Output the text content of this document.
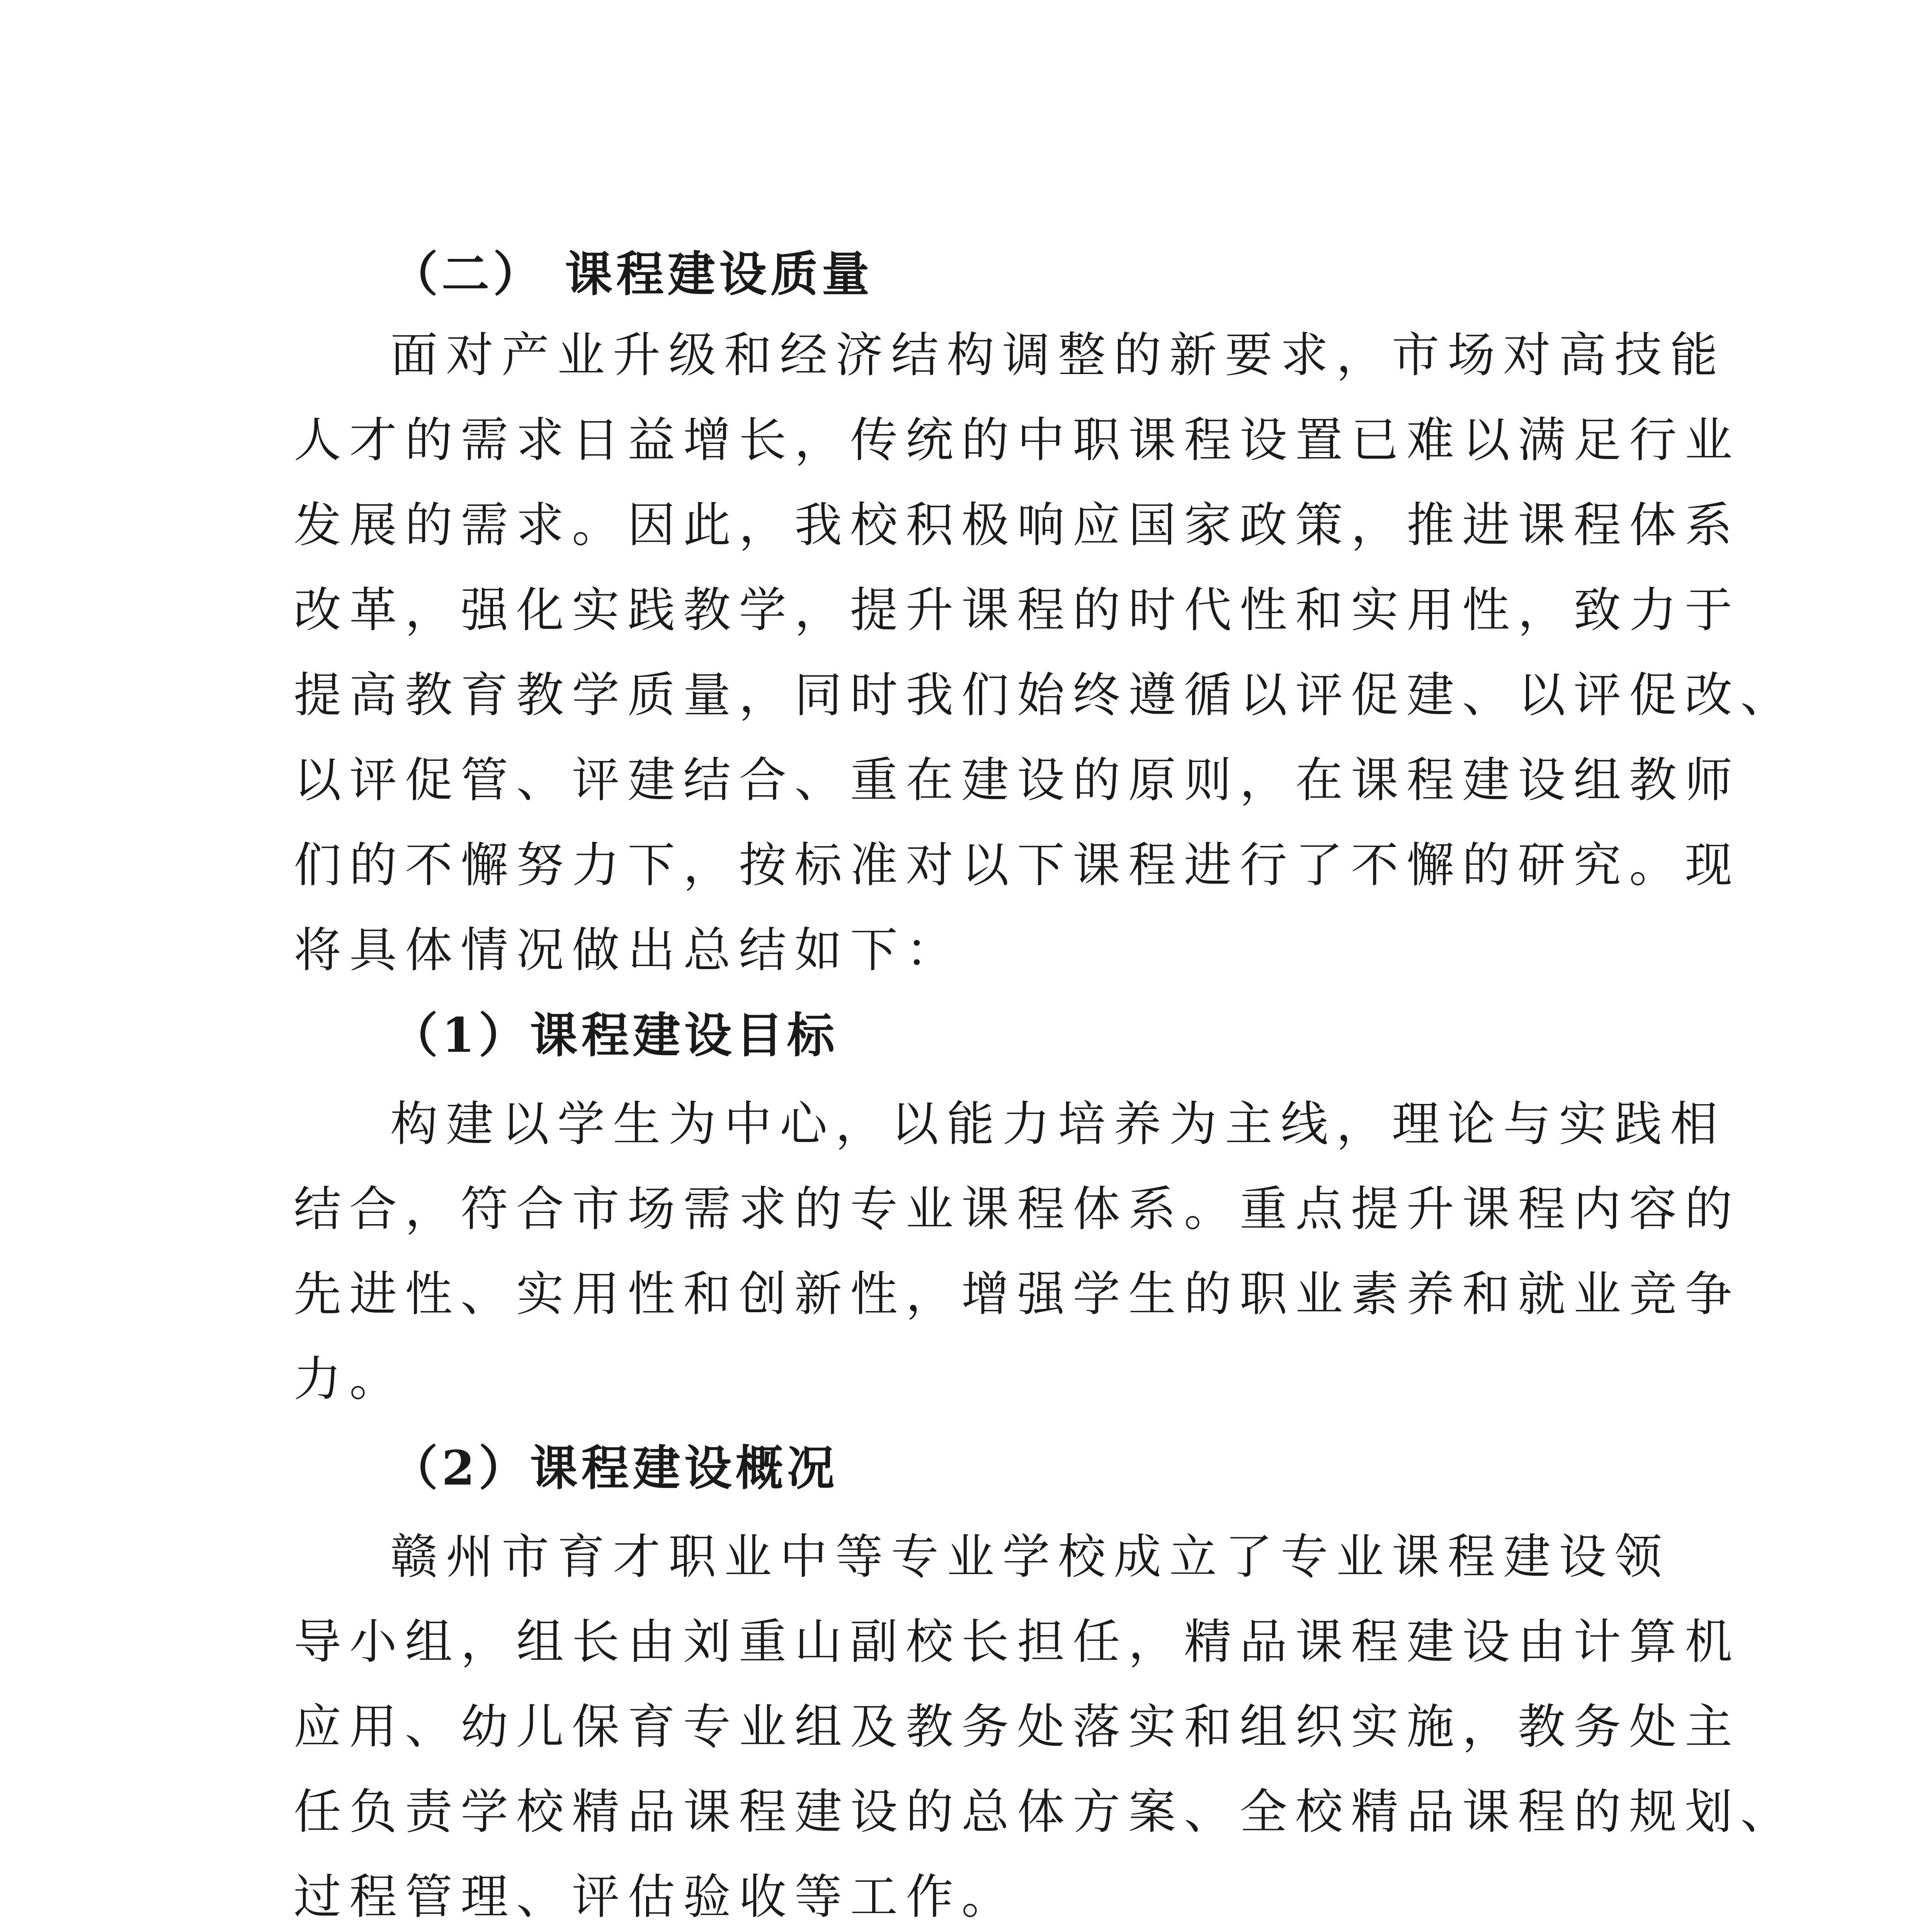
（二） 课程建设质量
面对产业升级和经济结构调整的新要求，市场对高技能
人才的需求日益增长，传统的中职课程设置已难以满足行业
发展的需求。因此，我校积极响应国家政策，推进课程体系
改革，强化实践教学，提升课程的时代性和实用性，致力于
提高教育教学质量，同时我们始终遵循以评促建、以评促改、
以评促管、评建结合、重在建设的原则，在课程建设组教师
们的不懈努力下，按标准对以下课程进行了不懈的研究。现
将具体情况做出总结如下：
（1）课程建设目标
构建以学生为中心，以能力培养为主线，理论与实践相
结合，符合市场需求的专业课程体系。重点提升课程内容的
先进性、实用性和创新性，增强学生的职业素养和就业竞争
力。
（2）课程建设概况
赣州市育才职业中等专业学校成立了专业课程建设领
导小组，组长由刘重山副校长担任，精品课程建设由计算机
应用、幼儿保育专业组及教务处落实和组织实施，教务处主
任负责学校精品课程建设的总体方案、全校精品课程的规划、
过程管理、评估验收等工作。
